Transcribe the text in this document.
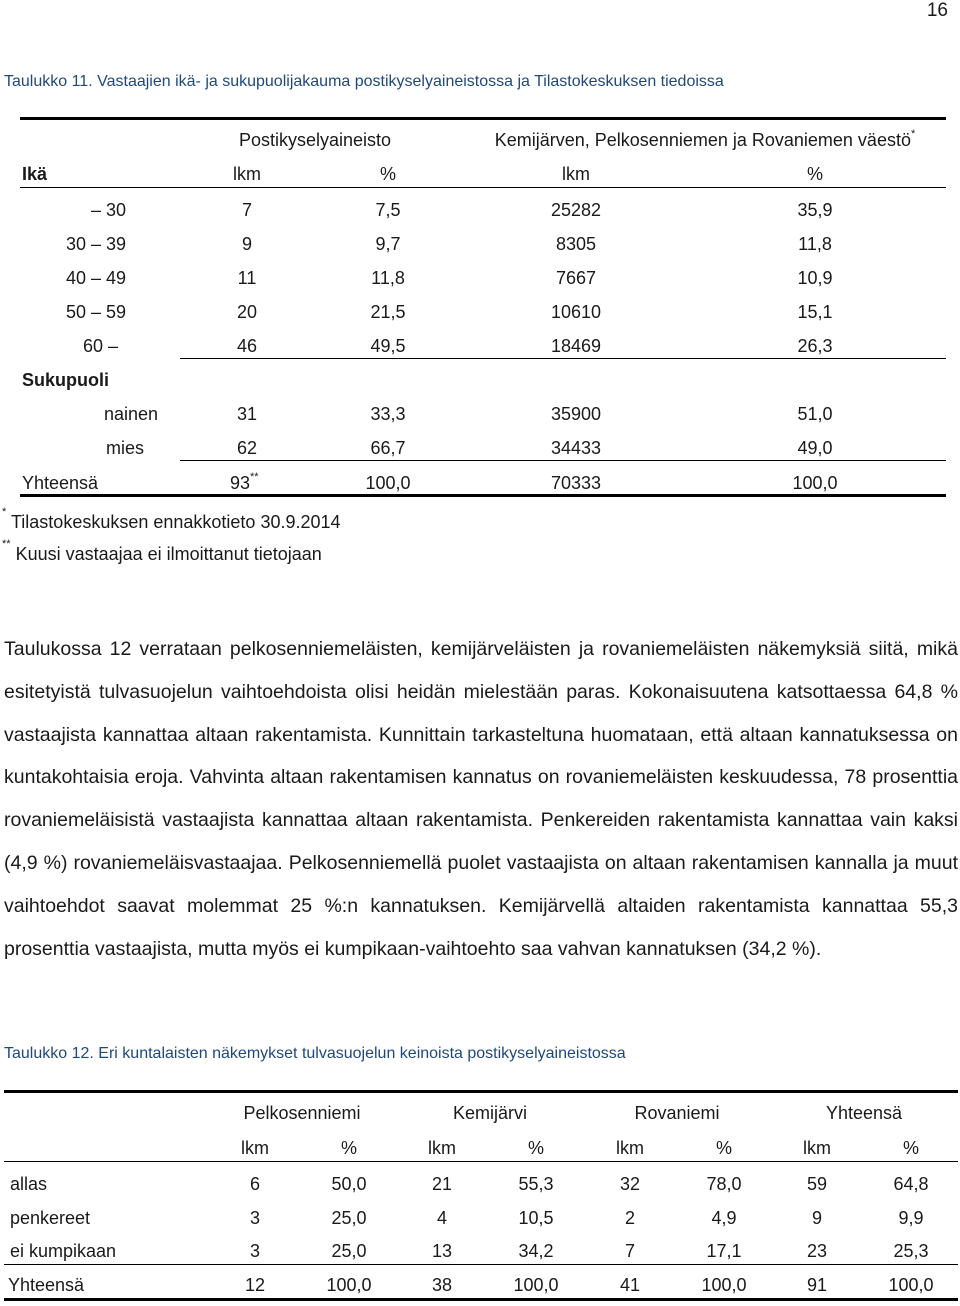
16
Taulukko 11. Vastaajien ikä- ja sukupuolijakauma postikyselyaineistossa ja Tilastokeskuksen tiedoissa
Postikyselyaineisto	Kemijärven, Pelkosenniemen ja Rovaniemen väestö*
Ikä	lkm	%	lkm	%
– 30	7	7,5	25282	35,9
30 – 39	9	9,7	8305	11,8
40 – 49	11	11,8	7667	10,9
50 – 59	20	21,5	10610	15,1
60 –	46	49,5	18469	26,3
Sukupuoli
nainen	31	33,3	35900	51,0
mies	62	66,7	34433	49,0
Yhteensä	93**	100,0	70333	100,0
* Tilastokeskuksen ennakkotieto 30.9.2014
** Kuusi vastaajaa ei ilmoittanut tietojaan

Taulukossa 12 verrataan pelkosenniemeläisten, kemijärveläisten ja rovaniemeläisten näkemyksiä siitä, mikä esitetyistä tulvasuojelun vaihtoehdoista olisi heidän mielestään paras. Kokonaisuutena katsottaessa 64,8 % vastaajista kannattaa altaan rakentamista. Kunnittain tarkasteltuna huomataan, että altaan kannatuksessa on kuntakohtaisia eroja. Vahvinta altaan rakentamisen kannatus on rovaniemeläisten keskuudessa, 78 prosenttia rovaniemeläisistä vastaajista kannattaa altaan rakentamista. Penkereiden rakentamista kannattaa vain kaksi (4,9 %) rovaniemeläisvastaajaa. Pelkosenniemellä puolet vastaajista on altaan rakentamisen kannalla ja muut vaihtoehdot saavat molemmat 25 %:n kannatuksen. Kemijärvellä altaiden rakentamista kannattaa 55,3 prosenttia vastaajista, mutta myös ei kumpikaan-vaihtoehto saa vahvan kannatuksen (34,2 %).

Taulukko 12. Eri kuntalaisten näkemykset tulvasuojelun keinoista postikyselyaineistossa
Pelkosenniemi	Kemijärvi	Rovaniemi	Yhteensä
lkm	%	lkm	%	lkm	%	lkm	%
allas	6	50,0	21	55,3	32	78,0	59	64,8
penkereet	3	25,0	4	10,5	2	4,9	9	9,9
ei kumpikaan	3	25,0	13	34,2	7	17,1	23	25,3
Yhteensä	12	100,0	38	100,0	41	100,0	91	100,0
